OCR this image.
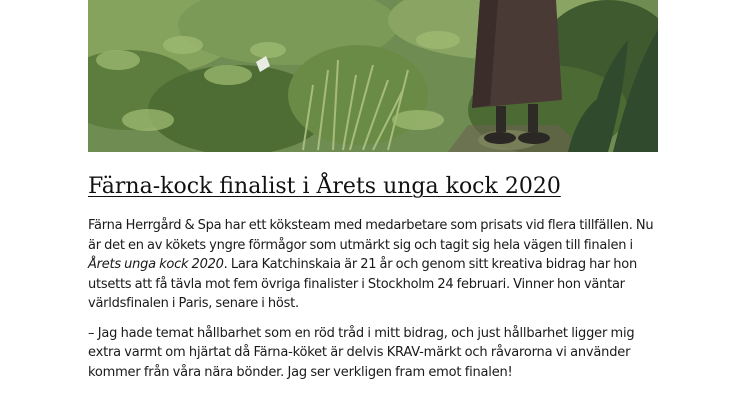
Färna-kock finalist i Årets unga kock 2020

Färna Herrgård & Spa har ett köksteam med medarbetare som prisats vid flera tillfällen. Nu är det en av kökets yngre förmågor som utmärkt sig och tagit sig hela vägen till finalen i Årets unga kock 2020. Lara Katchinskaia är 21 år och genom sitt kreativa bidrag har hon utsetts att få tävla mot fem övriga finalister i Stockholm 24 februari. Vinner hon väntar världsfinalen i Paris, senare i höst.

– Jag hade temat hållbarhet som en röd tråd i mitt bidrag, och just hållbarhet ligger mig extra varmt om hjärtat då Färna-köket är delvis KRAV-märkt och råvarorna vi använder kommer från våra nära bönder. Jag ser verkligen fram emot finalen!
